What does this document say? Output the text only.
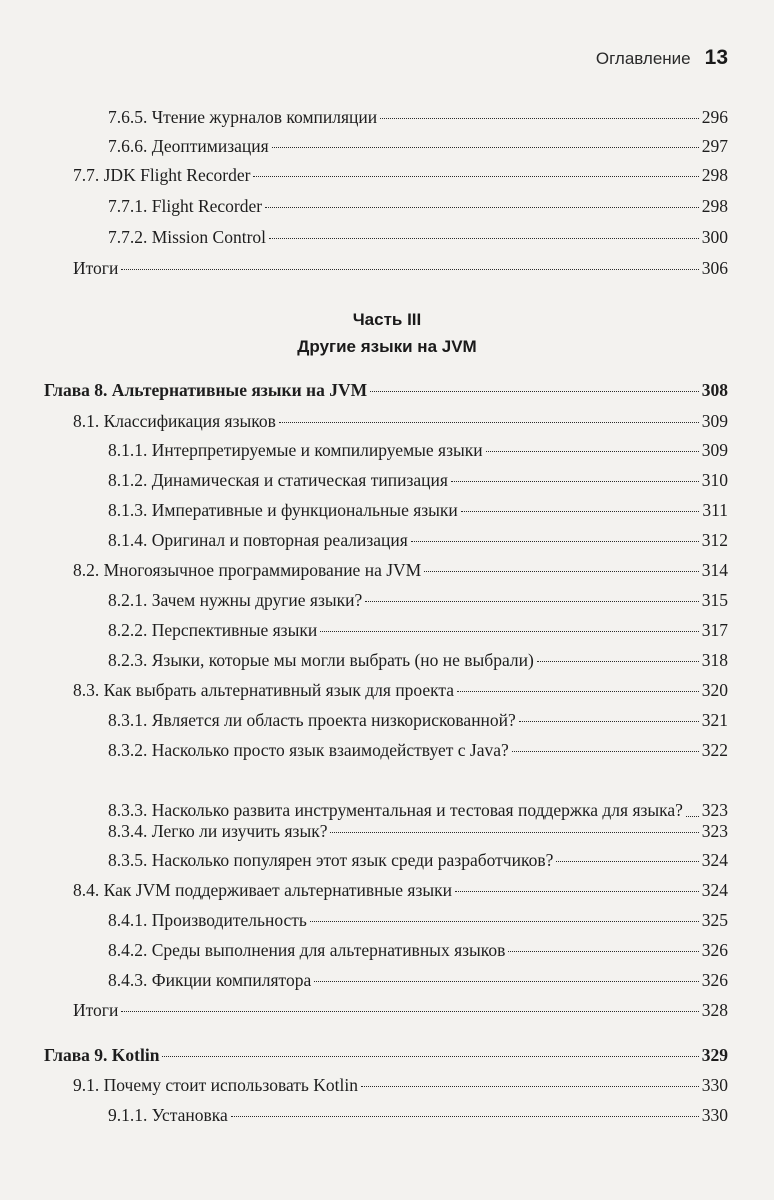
Оглавление 13
7.6.5. Чтение журналов компиляции	296
7.6.6. Деоптимизация	297
7.7. JDK Flight Recorder	298
7.7.1. Flight Recorder	298
7.7.2. Mission Control	300
Итоги	306
Часть III
Другие языки на JVM
Глава 8. Альтернативные языки на JVM	308
8.1. Классификация языков	309
8.1.1. Интерпретируемые и компилируемые языки	309
8.1.2. Динамическая и статическая типизация	310
8.1.3. Императивные и функциональные языки	311
8.1.4. Оригинал и повторная реализация	312
8.2. Многоязычное программирование на JVM	314
8.2.1. Зачем нужны другие языки?	315
8.2.2. Перспективные языки	317
8.2.3. Языки, которые мы могли выбрать (но не выбрали)	318
8.3. Как выбрать альтернативный язык для проекта	320
8.3.1. Является ли область проекта низкорискованной?	321
8.3.2. Насколько просто язык взаимодействует с Java?	322
8.3.3. Насколько развита инструментальная и тестовая поддержка для языка? 323
8.3.4. Легко ли изучить язык?	323
8.3.5. Насколько популярен этот язык среди разработчиков?	324
8.4. Как JVM поддерживает альтернативные языки	324
8.4.1. Производительность	325
8.4.2. Среды выполнения для альтернативных языков	326
8.4.3. Фикции компилятора	326
Итоги	328
Глава 9. Kotlin	329
9.1. Почему стоит использовать Kotlin	330
9.1.1. Установка	330
